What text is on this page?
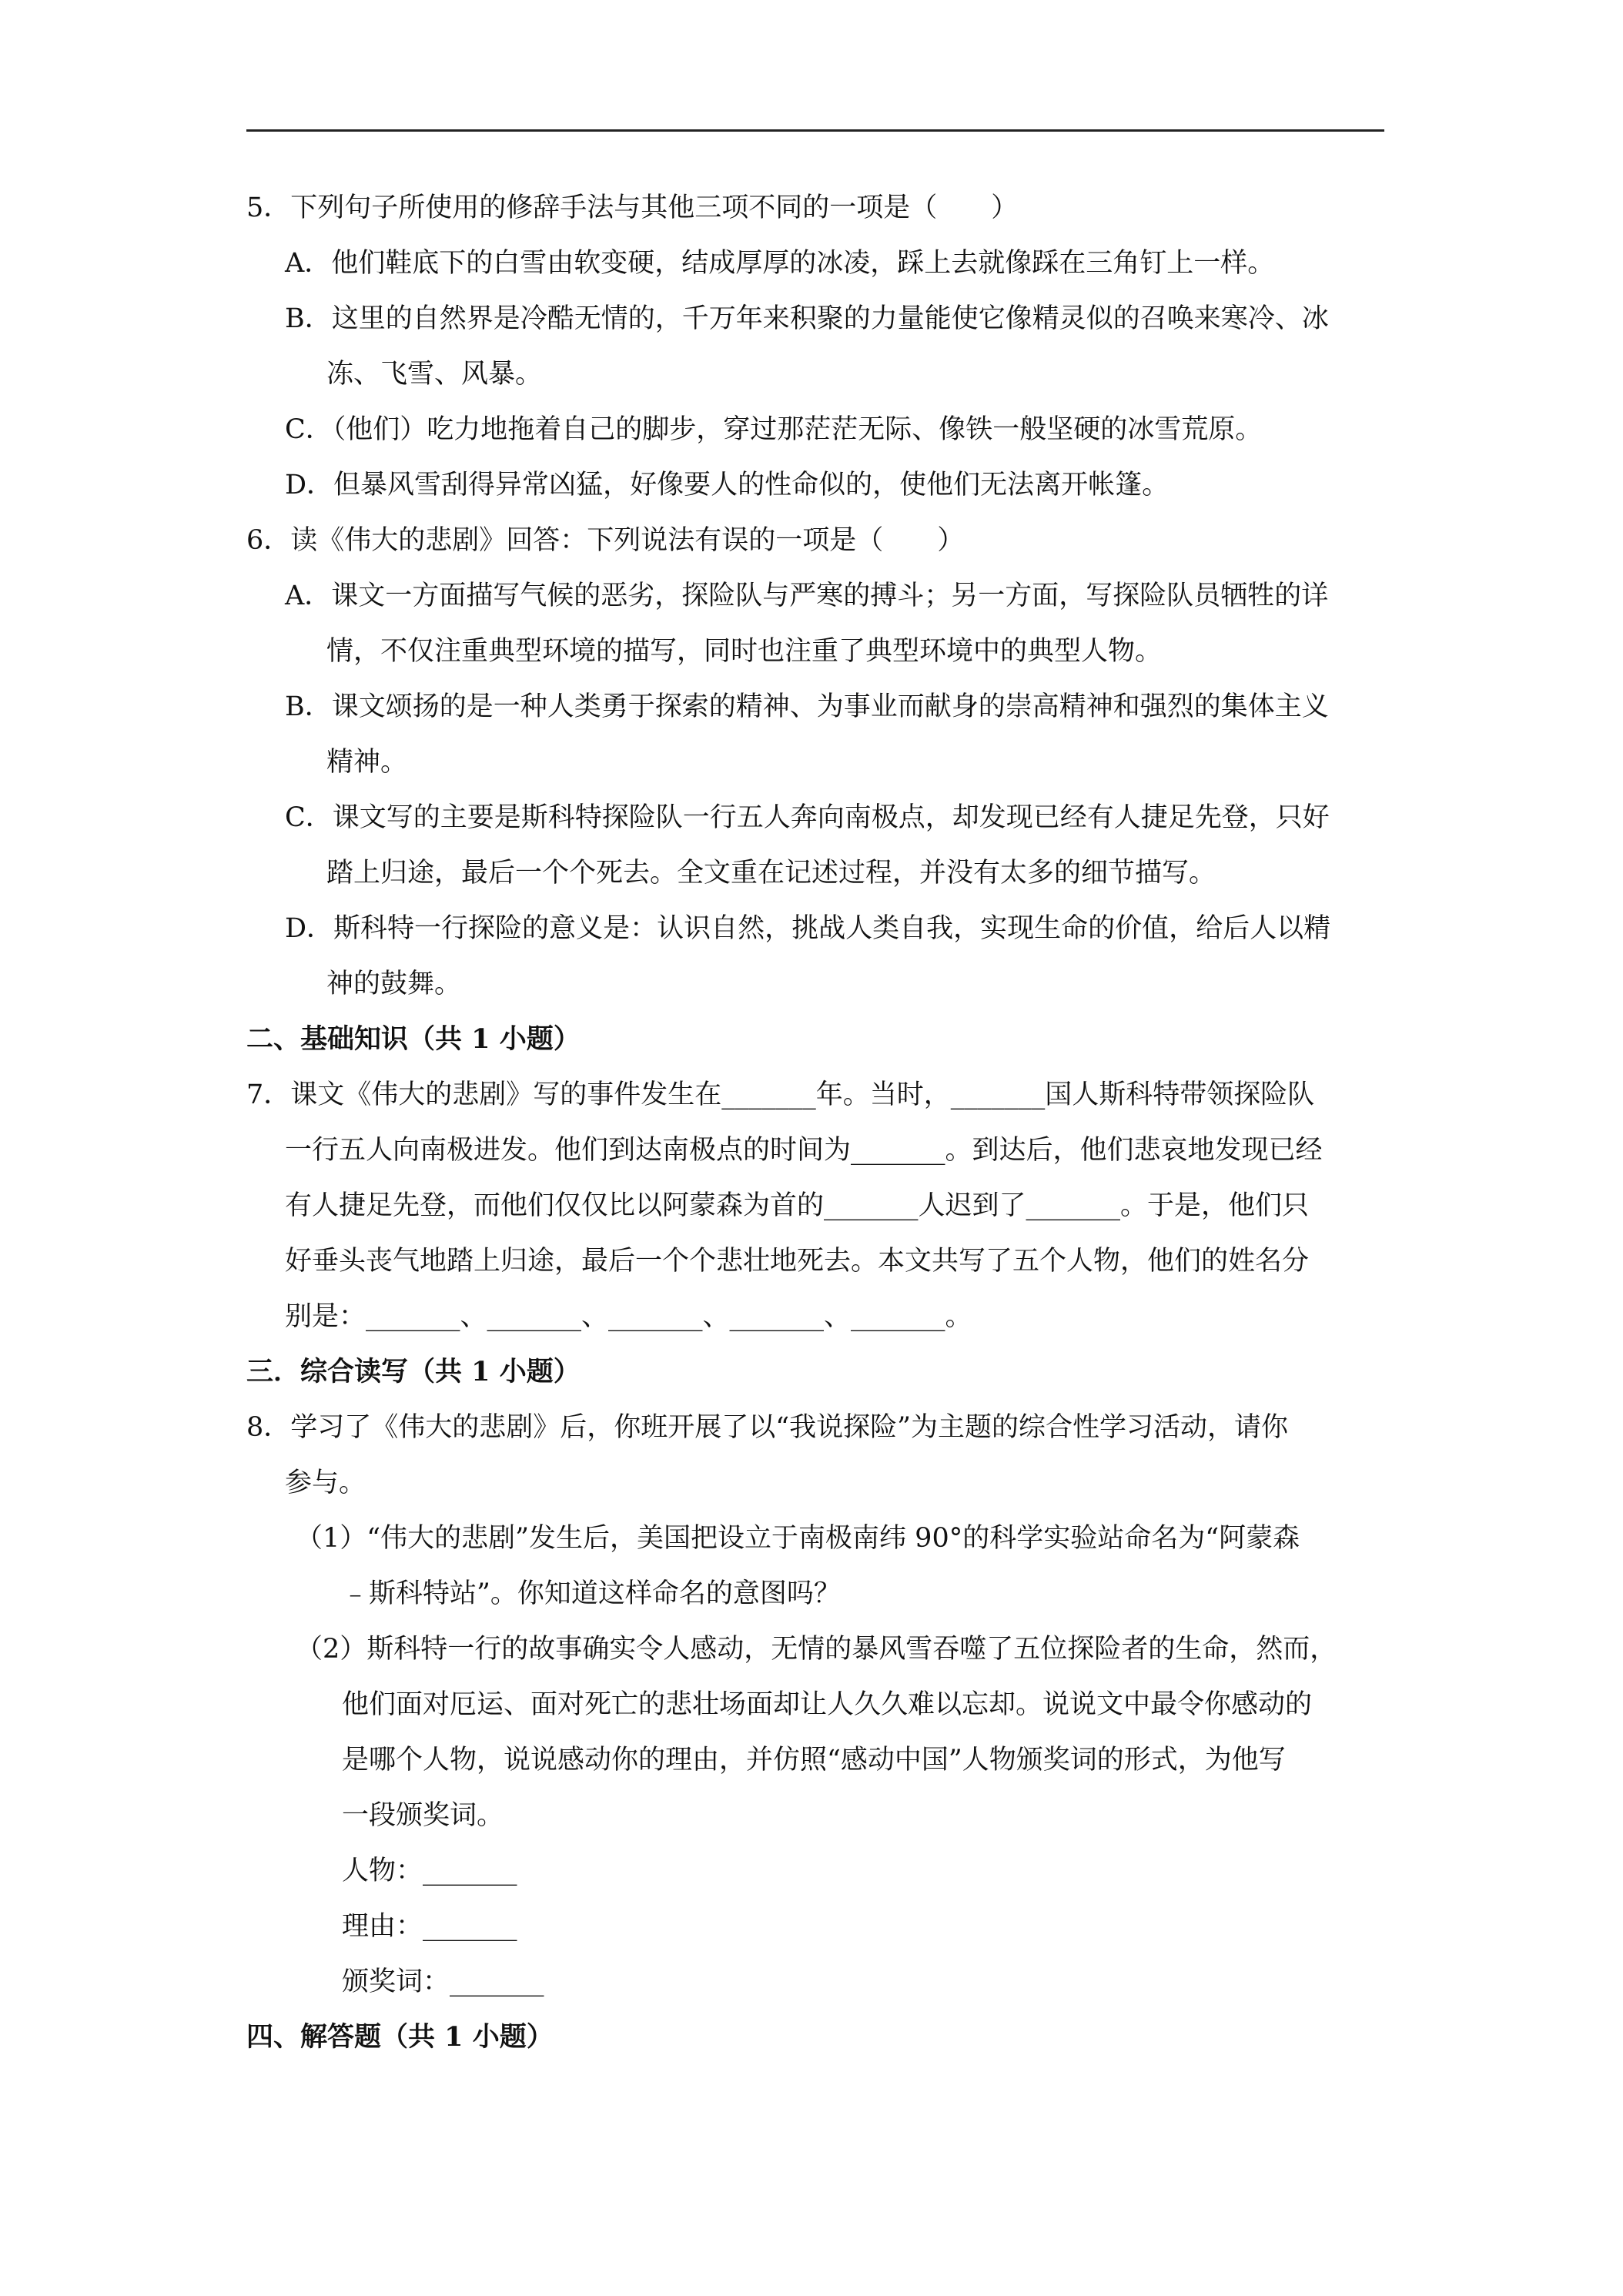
5．下列句子所使用的修辞手法与其他三项不同的一项是（　　）

A．他们鞋底下的白雪由软变硬，结成厚厚的冰凌，踩上去就像踩在三角钉上一样。

B．这里的自然界是冷酷无情的，千万年来积聚的力量能使它像精灵似的召唤来寒冷、冰

冻、飞雪、风暴。

C．（他们）吃力地拖着自己的脚步，穿过那茫茫无际、像铁一般坚硬的冰雪荒原。

D．但暴风雪刮得异常凶猛，好像要人的性命似的，使他们无法离开帐篷。

6．读《伟大的悲剧》回答：下列说法有误的一项是（　　）

A．课文一方面描写气候的恶劣，探险队与严寒的搏斗；另一方面，写探险队员牺牲的详

情，不仅注重典型环境的描写，同时也注重了典型环境中的典型人物。

B．课文颂扬的是一种人类勇于探索的精神、为事业而献身的崇高精神和强烈的集体主义

精神。

C．课文写的主要是斯科特探险队一行五人奔向南极点，却发现已经有人捷足先登，只好

踏上归途，最后一个个死去。全文重在记述过程，并没有太多的细节描写。

D．斯科特一行探险的意义是：认识自然，挑战人类自我，实现生命的价值，给后人以精

神的鼓舞。

二、基础知识（共 1 小题）

7．课文《伟大的悲剧》写的事件发生在_______年。当时，_______国人斯科特带领探险队

一行五人向南极进发。他们到达南极点的时间为_______。到达后，他们悲哀地发现已经

有人捷足先登，而他们仅仅比以阿蒙森为首的_______人迟到了_______。于是，他们只

好垂头丧气地踏上归途，最后一个个悲壮地死去。本文共写了五个人物，他们的姓名分

别是：_______、_______、_______、_______、_______。

三．综合读写（共 1 小题）

8．学习了《伟大的悲剧》后，你班开展了以“我说探险”为主题的综合性学习活动，请你

参与。

（1）“伟大的悲剧”发生后，美国把设立于南极南纬 90°的科学实验站命名为“阿蒙森

﹣斯科特站”。你知道这样命名的意图吗？

（2）斯科特一行的故事确实令人感动，无情的暴风雪吞噬了五位探险者的生命，然而，

他们面对厄运、面对死亡的悲壮场面却让人久久难以忘却。说说文中最令你感动的

是哪个人物，说说感动你的理由，并仿照“感动中国”人物颁奖词的形式，为他写

一段颁奖词。

人物：_______

理由：_______

颁奖词：_______

四、解答题（共 1 小题）
